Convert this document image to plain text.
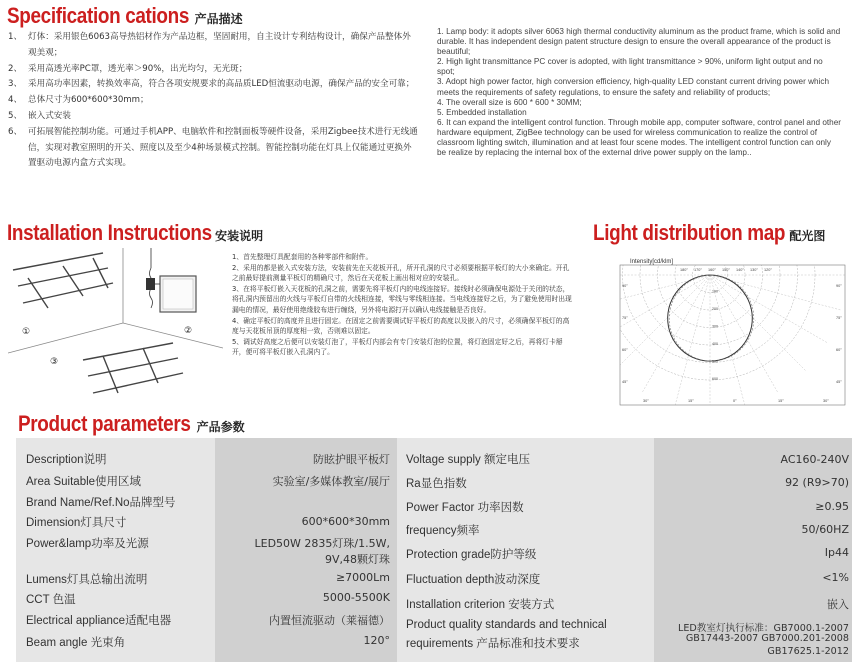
Specification cations 产品描述
1、 灯体：采用银色6063高导热铝材作为产品边框，坚固耐用，自主设计专利结构设计，确保产品整体外观美观；
2、 采用高透光率PC罩，透光率＞90%，出光均匀，无光斑；
3、 采用高功率因素，转换效率高，符合各项安规要求的高品质LED恒流驱动电源，确保产品的安全可靠；
4、 总体尺寸为600*600*30mm；
5、 嵌入式安装
6、 可拓展智能控制功能。可通过手机APP、电脑软件和控制面板等硬件设备，采用Zigbee技术进行无线通信，实现对教室照明的开关、照度以及至少4种场景模式控制。智能控制功能在灯具上仅能通过更换外置驱动电源内盒方式实现。

1. Lamp body: it adopts silver 6063 high thermal conductivity aluminum as the product frame, which is solid and durable. It has independent design patent structure design to ensure the overall appearance of the product is beautiful;

2. High light transmittance PC cover is adopted, with light transmittance > 90%, uniform light output and no spot;

3. Adopt high power factor, high conversion efficiency, high-quality LED constant current driving power which meets the requirements of safety regulations, to ensure the safety and reliability of products;

4. The overall size is 600 * 600 * 30MM;

5. Embedded installation

6. It can expand the intelligent control function. Through mobile app, computer software, control panel and other hardware equipment, ZigBee technology can be used for wireless communication to realize the control of classroom lighting switch, illumination and at least four scene modes. The intelligent control function can only be realize by replacing the internal box of the external drive power supply on the lamp..

Installation Instructions 安装说明
①	②
③
1、首先整理灯具配套用的各种零部件和附件。
2、采用的都是嵌入式安装方法，安装前先在天花板开孔，所开孔洞的尺寸必须要根据平板灯的大小来确定。开孔之前最好提前测量平板灯的精确尺寸，然后在天花板上画出相对应的安装孔。
3、在将平板灯嵌入天花板的孔洞之前，需要先将平板灯内的电线连接好。接线时必须确保电源处于关闭的状态，将孔洞内预留出的火线与平板灯自带的火线相连接，零线与零线相连接。当电线连接好之后，为了避免使用时出现漏电的情况，最好使用绝缘胶布进行缠绕，另外将电源打开以确认电线接触是否良好。
4、确定平板灯的高度并且进行固定。在固定之前需要调试好平板灯的高度以及嵌入的尺寸，必须确保平板灯的高度与天花板吊顶的厚度相一致，否则难以固定。
5、调试好高度之后便可以安装灯泡了，平板灯内部会有专门安装灯泡的位置，将灯泡固定好之后，再将灯卡掰开，便可将平板灯嵌入孔洞内了。
Light distribution map 配光图
Intensity[cd/klm]
180° 170° 160° 150° 140° 130° 120°
90°	90°
75°	75°
60°	60°
45°	45°
100
200
300
400
500
600
30°	15°	0°	15°	30°
Product parameters 产品参数
Description说明	防眩护眼平板灯
Area Suitable使用区域	实验室/多媒体教室/展厅
Brand Name/Ref.No品牌型号
Dimension灯具尺寸	600*600*30mm
Power&lamp功率及光源	LED50W 2835灯珠/1.5W,
9V,48颗灯珠
Lumens灯具总输出流明	≥7000Lm
CCT 色温	5000-5500K
Electrical appliance适配电器	内置恒流驱动（莱福德）
Beam angle 光束角	120°
Voltage supply 额定电压	AC160-240V
Ra显色指数	92 (R9>70)
Power Factor 功率因数	≥0.95
frequency频率	50/60HZ
Protection grade防护等级	Ip44
Fluctuation depth波动深度	<1%
Installation criterion 安装方式	嵌入
Product quality standards and technical
requirements 产品标准和技术要求
LED教室灯执行标准：GB7000.1-2007
GB17443-2007 GB7000.201-2008
GB17625.1-2012
